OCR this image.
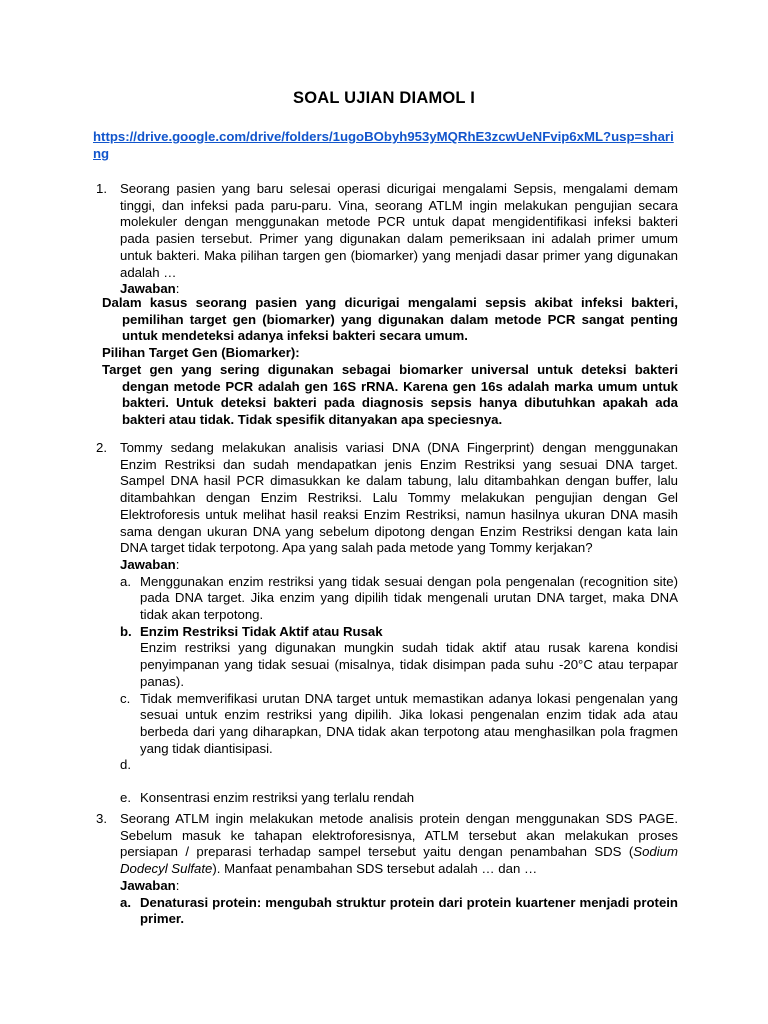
SOAL UJIAN DIAMOL I
https://drive.google.com/drive/folders/1ugoBObyh953yMQRhE3zcwUeNFvip6xML?usp=sharing
1. Seorang pasien yang baru selesai operasi dicurigai mengalami Sepsis, mengalami demam tinggi, dan infeksi pada paru-paru. Vina, seorang ATLM ingin melakukan pengujian secara molekuler dengan menggunakan metode PCR untuk dapat mengidentifikasi infeksi bakteri pada pasien tersebut. Primer yang digunakan dalam pemeriksaan ini adalah primer umum untuk bakteri. Maka pilihan targen gen (biomarker) yang menjadi dasar primer yang digunakan adalah …
Jawaban:
Dalam kasus seorang pasien yang dicurigai mengalami sepsis akibat infeksi bakteri, pemilihan target gen (biomarker) yang digunakan dalam metode PCR sangat penting untuk mendeteksi adanya infeksi bakteri secara umum.
Pilihan Target Gen (Biomarker):
Target gen yang sering digunakan sebagai biomarker universal untuk deteksi bakteri dengan metode PCR adalah gen 16S rRNA. Karena gen 16s adalah marka umum untuk bakteri. Untuk deteksi bakteri pada diagnosis sepsis hanya dibutuhkan apakah ada bakteri atau tidak. Tidak spesifik ditanyakan apa speciesnya.
2. Tommy sedang melakukan analisis variasi DNA (DNA Fingerprint) dengan menggunakan Enzim Restriksi dan sudah mendapatkan jenis Enzim Restriksi yang sesuai DNA target. Sampel DNA hasil PCR dimasukkan ke dalam tabung, lalu ditambahkan dengan buffer, lalu ditambahkan dengan Enzim Restriksi. Lalu Tommy melakukan pengujian dengan Gel Elektroforesis untuk melihat hasil reaksi Enzim Restriksi, namun hasilnya ukuran DNA masih sama dengan ukuran DNA yang sebelum dipotong dengan Enzim Restriksi dengan kata lain DNA target tidak terpotong. Apa yang salah pada metode yang Tommy kerjakan?
Jawaban:
a. Menggunakan enzim restriksi yang tidak sesuai dengan pola pengenalan (recognition site) pada DNA target. Jika enzim yang dipilih tidak mengenali urutan DNA target, maka DNA tidak akan terpotong.
b. Enzim Restriksi Tidak Aktif atau Rusak
Enzim restriksi yang digunakan mungkin sudah tidak aktif atau rusak karena kondisi penyimpanan yang tidak sesuai (misalnya, tidak disimpan pada suhu -20°C atau terpapar panas).
c. Tidak memverifikasi urutan DNA target untuk memastikan adanya lokasi pengenalan yang sesuai untuk enzim restriksi yang dipilih. Jika lokasi pengenalan enzim tidak ada atau berbeda dari yang diharapkan, DNA tidak akan terpotong atau menghasilkan pola fragmen yang tidak diantisipasi.
d.
e. Konsentrasi enzim restriksi yang terlalu rendah
3. Seorang ATLM ingin melakukan metode analisis protein dengan menggunakan SDS PAGE. Sebelum masuk ke tahapan elektroforesisnya, ATLM tersebut akan melakukan proses persiapan / preparasi terhadap sampel tersebut yaitu dengan penambahan SDS (Sodium Dodecyl Sulfate). Manfaat penambahan SDS tersebut adalah … dan …
Jawaban:
a. Denaturasi protein: mengubah struktur protein dari protein kuartener menjadi protein primer.
